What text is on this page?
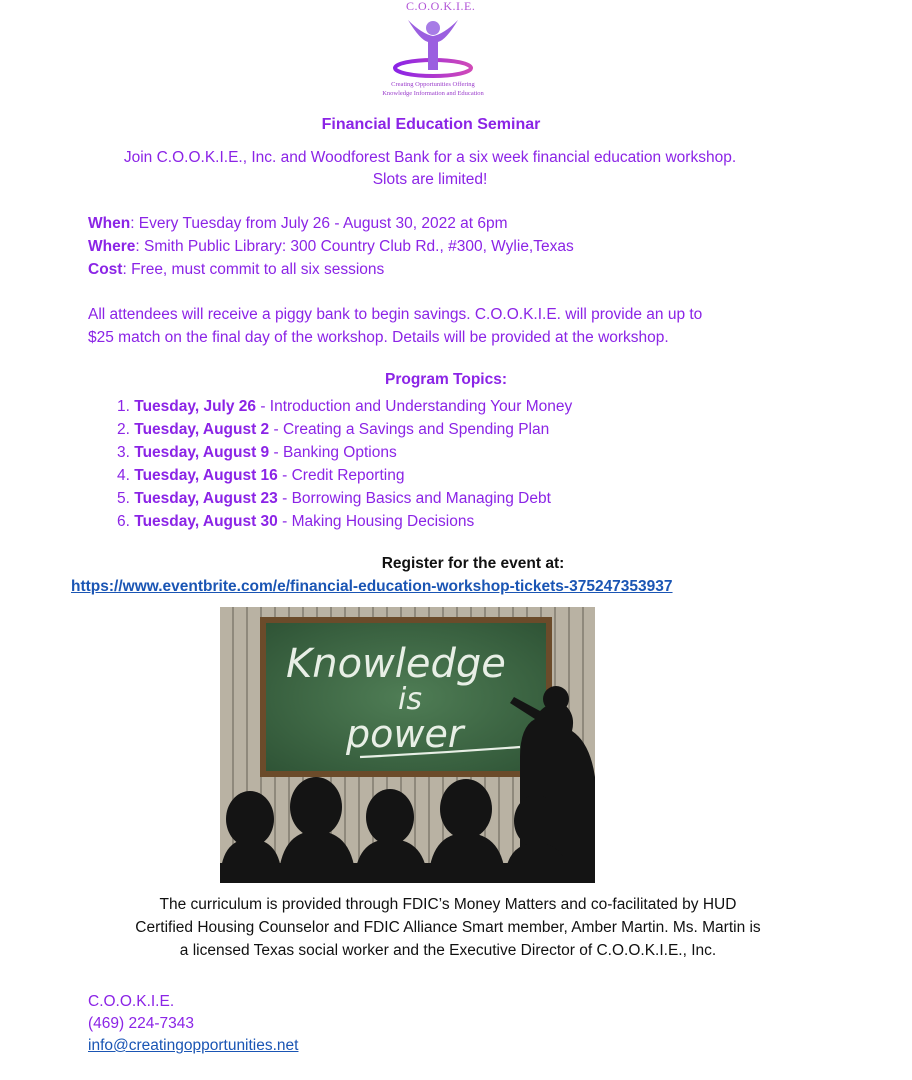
C.O.O.K.I.E.
Creating Opportunities Offering
Knowledge Information and Education
Financial Education Seminar
Join C.O.O.K.I.E., Inc. and Woodforest Bank for a six week financial education workshop.
Slots are limited!
When: Every Tuesday from July 26 - August 30, 2022 at 6pm
Where: Smith Public Library: 300 Country Club Rd., #300, Wylie,Texas
Cost: Free, must commit to all six sessions
All attendees will receive a piggy bank to begin savings. C.O.O.K.I.E. will provide an up to
$25 match on the final day of the workshop. Details will be provided at the workshop.
Program Topics:
1. Tuesday, July 26 - Introduction and Understanding Your Money
2. Tuesday, August 2 - Creating a Savings and Spending Plan
3. Tuesday, August 9 - Banking Options
4. Tuesday, August 16 - Credit Reporting
5. Tuesday, August 23 - Borrowing Basics and Managing Debt
6. Tuesday, August 30 - Making Housing Decisions
Register for the event at:
https://www.eventbrite.com/e/financial-education-workshop-tickets-375247353937
Knowledge
is
power
The curriculum is provided through FDIC’s Money Matters and co-facilitated by HUD
Certified Housing Counselor and FDIC Alliance Smart member, Amber Martin. Ms. Martin is
a licensed Texas social worker and the Executive Director of C.O.O.K.I.E., Inc.
C.O.O.K.I.E.
(469) 224-7343
info@creatingopportunities.net
